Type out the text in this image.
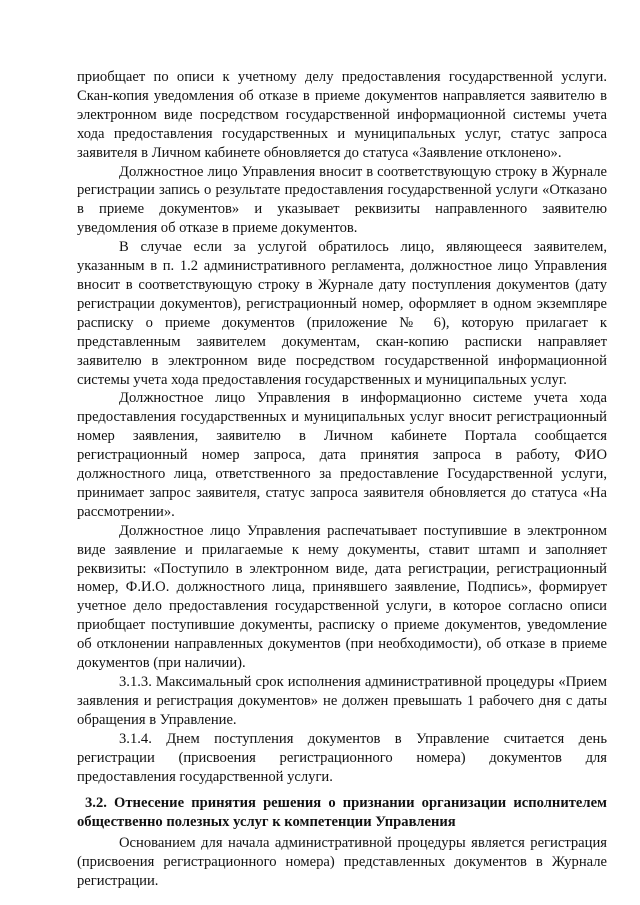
приобщает по описи к учетному делу предоставления государственной услуги. Скан-копия уведомления об отказе в приеме документов направляется заявителю в электронном виде посредством государственной информационной системы учета хода предоставления государственных и муниципальных услуг, статус запроса заявителя в Личном кабинете обновляется до статуса «Заявление отклонено».

Должностное лицо Управления вносит в соответствующую строку в Журнале регистрации запись о результате предоставления государственной услуги «Отказано в приеме документов» и указывает реквизиты направленного заявителю уведомления об отказе в приеме документов.

В случае если за услугой обратилось лицо, являющееся заявителем, указанным в п. 1.2 административного регламента, должностное лицо Управления вносит в соответствующую строку в Журнале дату поступления документов (дату регистрации документов), регистрационный номер, оформляет в одном экземпляре расписку о приеме документов (приложение № 6), которую прилагает к представленным заявителем документам, скан-копию расписки направляет заявителю в электронном виде посредством государственной информационной системы учета хода предоставления государственных и муниципальных услуг.

Должностное лицо Управления в информационно системе учета хода предоставления государственных и муниципальных услуг вносит регистрационный номер заявления, заявителю в Личном кабинете Портала сообщается регистрационный номер запроса, дата принятия запроса в работу, ФИО должностного лица, ответственного за предоставление Государственной услуги, принимает запрос заявителя, статус запроса заявителя обновляется до статуса «На рассмотрении».

Должностное лицо Управления распечатывает поступившие в электронном виде заявление и прилагаемые к нему документы, ставит штамп и заполняет реквизиты: «Поступило в электронном виде, дата регистрации, регистрационный номер, Ф.И.О. должностного лица, принявшего заявление, Подпись», формирует учетное дело предоставления государственной услуги, в которое согласно описи приобщает поступившие документы, расписку о приеме документов, уведомление об отклонении направленных документов (при необходимости), об отказе в приеме документов (при наличии).

3.1.3. Максимальный срок исполнения административной процедуры «Прием заявления и регистрация документов» не должен превышать 1 рабочего дня с даты обращения в Управление.

3.1.4. Днем поступления документов в Управление считается день регистрации (присвоения регистрационного номера) документов для предоставления государственной услуги.

3.2. Отнесение принятия решения о признании организации исполнителем общественно полезных услуг к компетенции Управления

Основанием для начала административной процедуры является регистрация (присвоения регистрационного номера) представленных документов в Журнале регистрации.
